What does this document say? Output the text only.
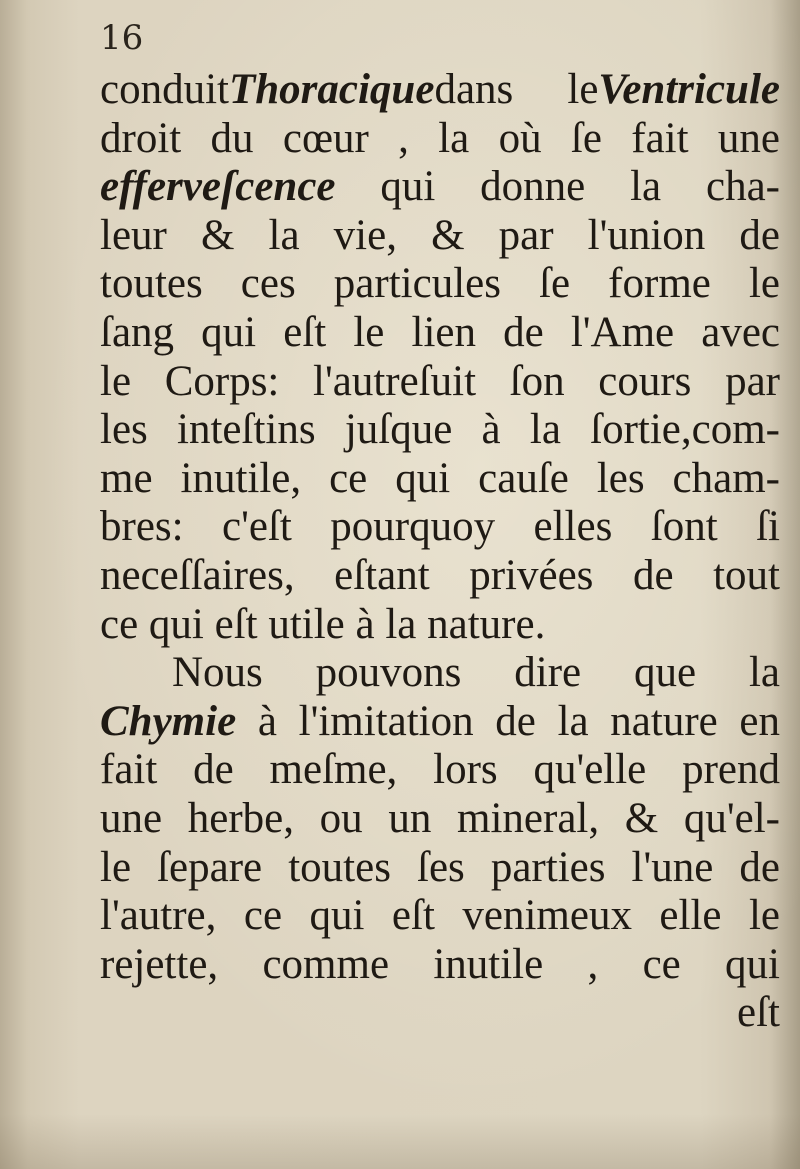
16
conduitThoraciquedans leVentricule
droit du cœur , la où ſe fait une
efferveſcence qui donne la cha-
leur & la vie, & par l'union de
toutes ces particules ſe forme le
ſang qui eſt le lien de l'Ame avec
le Corps: l'autreſuit ſon cours par
les inteſtins juſque à la ſortie,com-
me inutile, ce qui cauſe les cham-
bres: c'eſt pourquoy elles ſont ſi
neceſſaires, eſtant privées de tout
ce qui eſt utile à la nature.
Nous pouvons dire que la
Chymie à l'imitation de la nature en
fait de meſme, lors qu'elle prend
une herbe, ou un mineral, & qu'el-
le ſepare toutes ſes parties l'une de
l'autre, ce qui eſt venimeux elle le
rejette, comme inutile , ce qui
eſt
